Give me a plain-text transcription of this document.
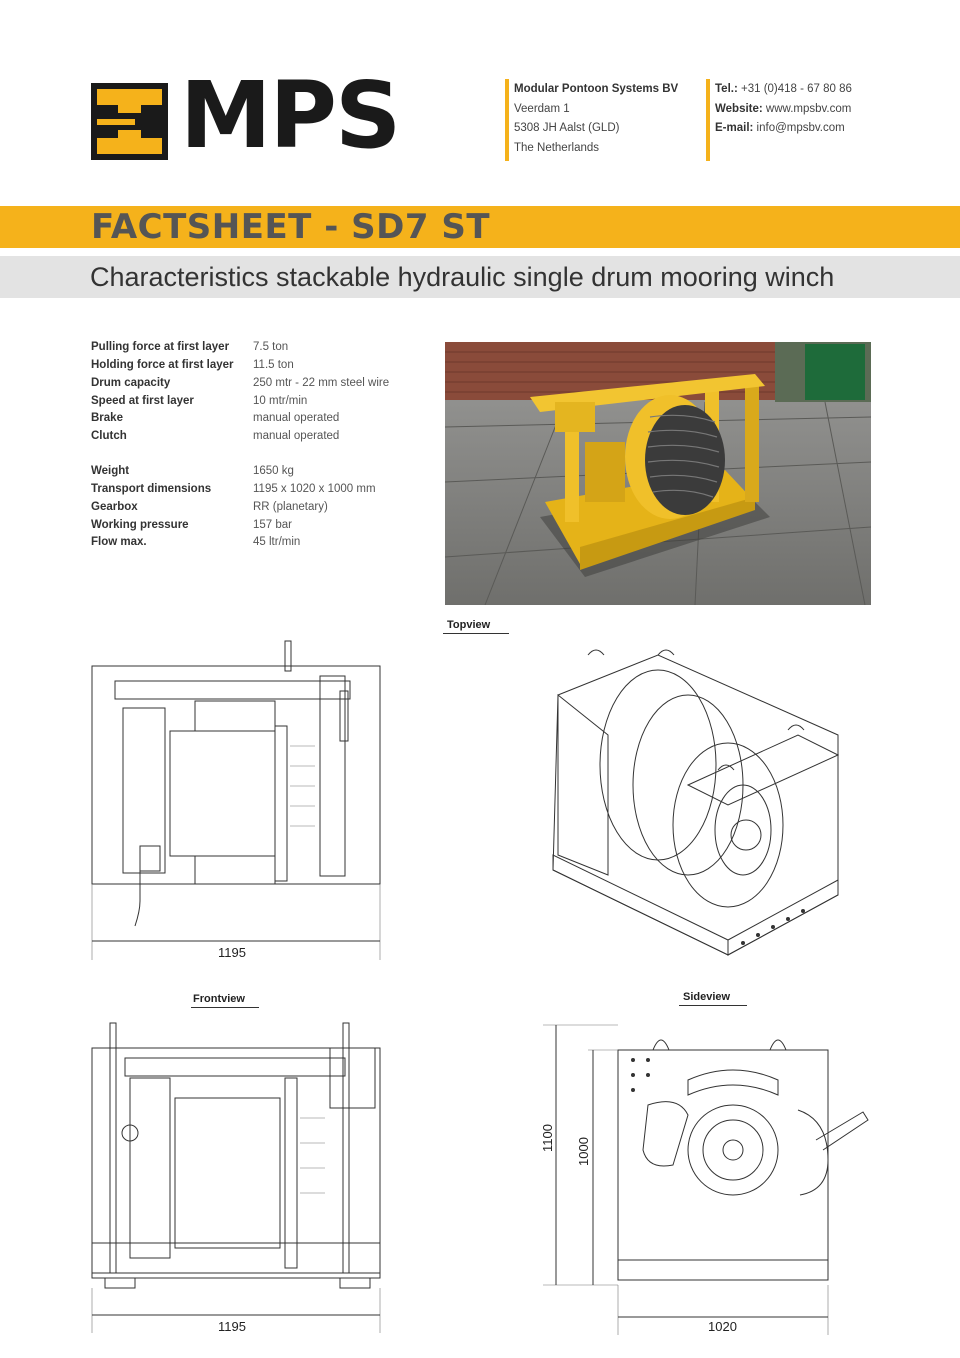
MPS	Modular Pontoon Systems BV
Veerdam 1
5308 JH Aalst (GLD)
The Netherlands
Tel.: +31 (0)418 - 67 80 86
Website: www.mpsbv.com
E-mail: info@mpsbv.com
FACTSHEET - SD7 ST
Characteristics stackable hydraulic single drum mooring winch
Pulling force at first layer 7.5 ton
Holding force at first layer 11.5 ton
Drum capacity	250 mtr - 22 mm steel wire
Speed at first layer	10 mtr/min
Brake	manual operated
Clutch	manual operated
Weight	1650 kg
Transport dimensions	1195 x 1020 x 1000 mm
Gearbox	RR (planetary)
Working pressure	157 bar
Flow max.	45 ltr/min
Topview
Frontview	Sideview
1195
1195
1100 1000
1020
